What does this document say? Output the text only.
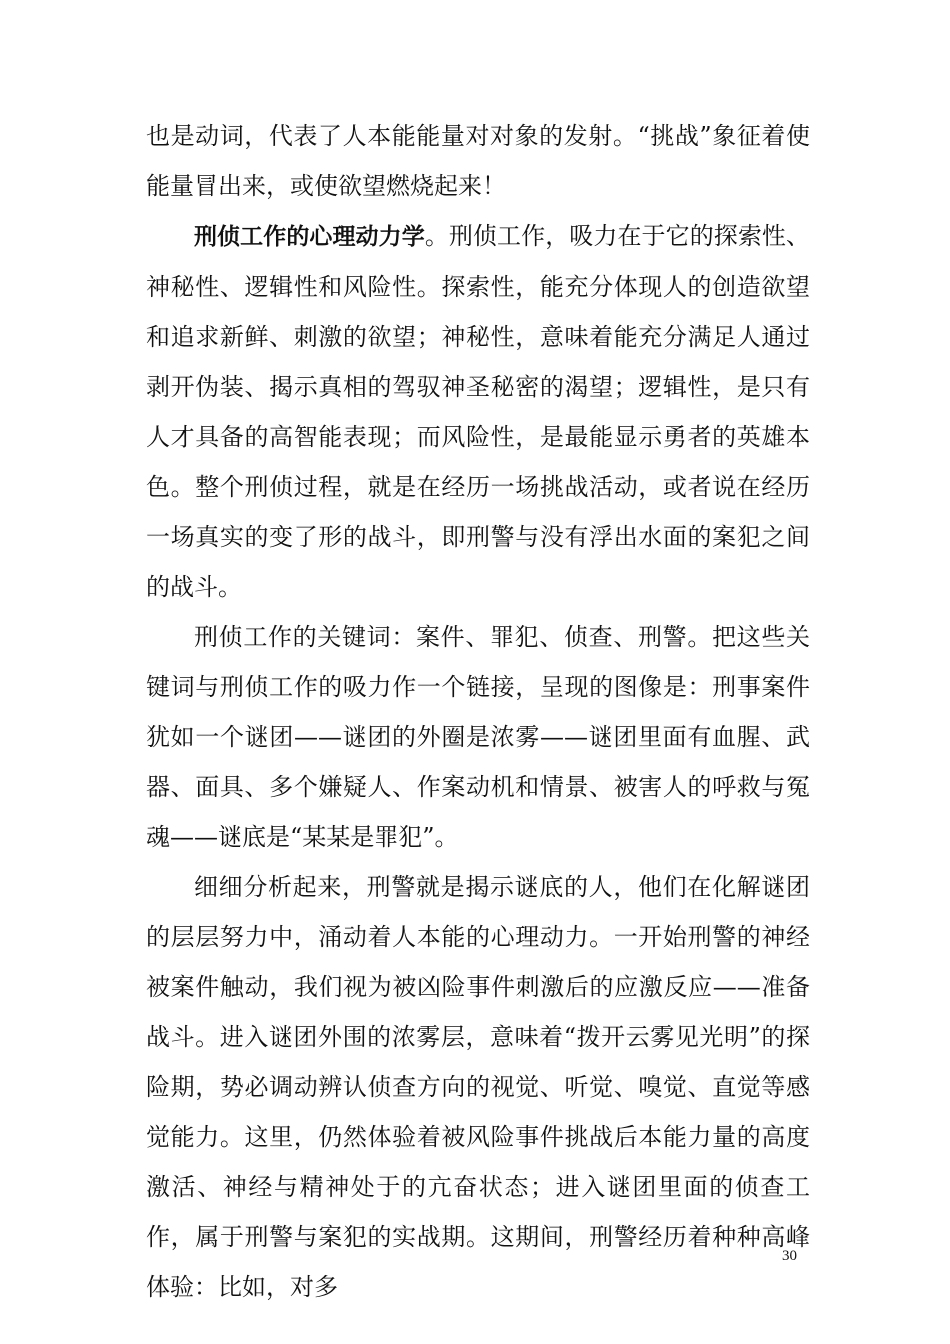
也是动词，代表了人本能能量对对象的发射。“挑战”象征着使能量冒出来，或使欲望燃烧起来！

刑侦工作的心理动力学。刑侦工作，吸力在于它的探索性、神秘性、逻辑性和风险性。探索性，能充分体现人的创造欲望和追求新鲜、刺激的欲望；神秘性，意味着能充分满足人通过剥开伪装、揭示真相的驾驭神圣秘密的渴望；逻辑性，是只有人才具备的高智能表现；而风险性，是最能显示勇者的英雄本色。整个刑侦过程，就是在经历一场挑战活动，或者说在经历一场真实的变了形的战斗，即刑警与没有浮出水面的案犯之间的战斗。

刑侦工作的关键词：案件、罪犯、侦查、刑警。把这些关键词与刑侦工作的吸力作一个链接，呈现的图像是：刑事案件犹如一个谜团——谜团的外圈是浓雾——谜团里面有血腥、武器、面具、多个嫌疑人、作案动机和情景、被害人的呼救与冤魂——谜底是“某某是罪犯”。

细细分析起来，刑警就是揭示谜底的人，他们在化解谜团的层层努力中，涌动着人本能的心理动力。一开始刑警的神经被案件触动，我们视为被凶险事件刺激后的应激反应——准备战斗。进入谜团外围的浓雾层，意味着“拨开云雾见光明”的探险期，势必调动辨认侦查方向的视觉、听觉、嗅觉、直觉等感觉能力。这里，仍然体验着被风险事件挑战后本能力量的高度激活、神经与精神处于的亢奋状态；进入谜团里面的侦查工作，属于刑警与案犯的实战期。这期间，刑警经历着种种高峰体验：比如，对多

30
